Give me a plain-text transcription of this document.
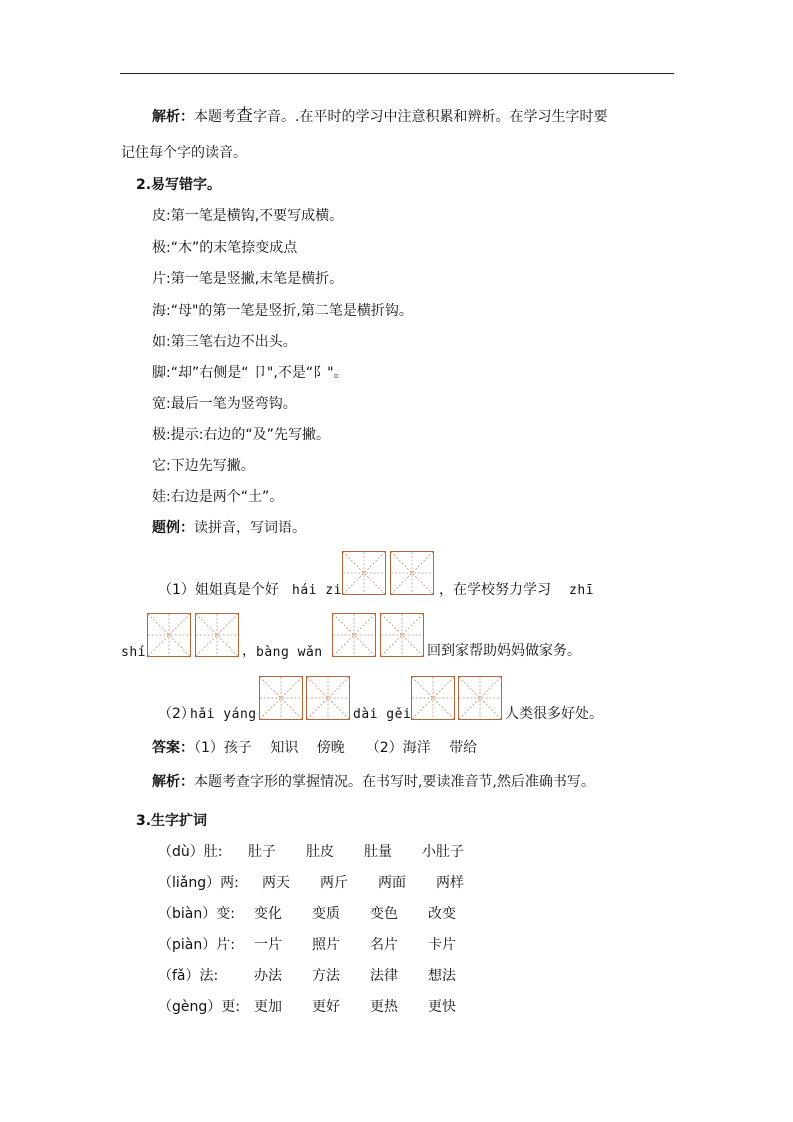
解析：本题考查字音。.在平时的学习中注意积累和辨析。在学习生字时要
记住每个字的读音。
2.易写错字。
皮:第一笔是横钩,不要写成横。
极:“木”的末笔捺变成点
片:第一笔是竖撇,末笔是横折。
海:“母"的第一笔是竖折,第二笔是横折钩。
如:第三笔右边不出头。
脚:“却”右侧是“ 卩",不是“阝"。
宽:最后一笔为竖弯钩。
极:提示:右边的“及”先写撇。
它:下边先写撇。
娃:右边是两个“土”。
题例：读拼音，写词语。
（1）姐姐真是个好 hái zi	，在学校努力学习 zhī
shí	， bàng wǎn	回到家帮助妈妈做家务。
（2）
hǎi yáng	dài gěi	人类很多好处。
答案：（1）孩子　 知识　 傍晚　　（2）海洋　 带给
解析：本题考查字形的掌握情况。在书写时,要读准音节,然后准确书写。
3.生字扩词
（dù）肚: 肚子 肚皮 肚量 小肚子
（liǎng）两: 两天 两斤 两面 两样
（biàn）变: 变化 变质 变色 改变
（piàn）片: 一片 照片 名片 卡片
（fǎ）法:	办法 方法 法律 想法
（gèng）更: 更加 更好 更热 更快
